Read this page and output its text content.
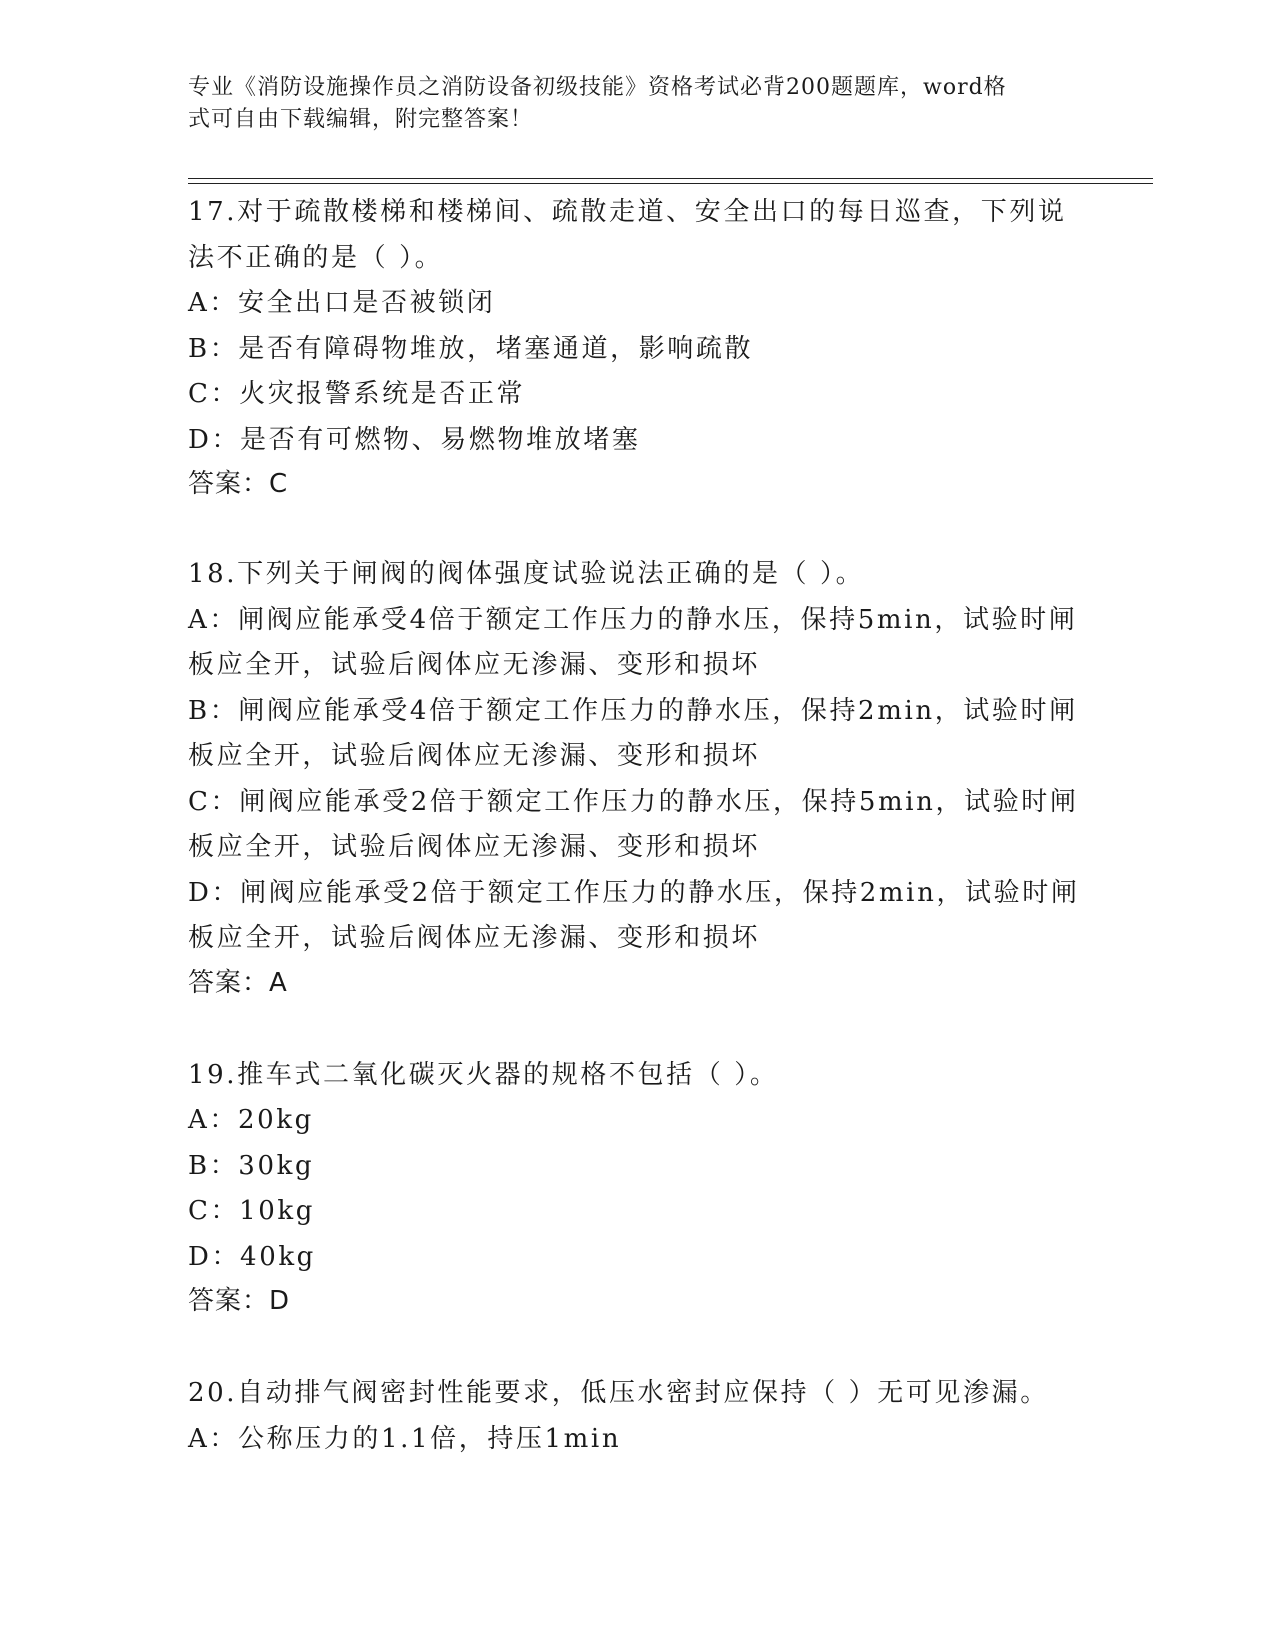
专业《消防设施操作员之消防设备初级技能》资格考试必背200题题库，word格
式可自由下载编辑，附完整答案！

17.对于疏散楼梯和楼梯间、疏散走道、安全出口的每日巡查，下列说

法不正确的是（ ）。

A：安全出口是否被锁闭

B：是否有障碍物堆放，堵塞通道，影响疏散

C：火灾报警系统是否正常

D：是否有可燃物、易燃物堆放堵塞

答案：C

18.下列关于闸阀的阀体强度试验说法正确的是（ ）。

A：闸阀应能承受4倍于额定工作压力的静水压，保持5min，试验时闸

板应全开，试验后阀体应无渗漏、变形和损坏

B：闸阀应能承受4倍于额定工作压力的静水压，保持2min，试验时闸

板应全开，试验后阀体应无渗漏、变形和损坏

C：闸阀应能承受2倍于额定工作压力的静水压，保持5min，试验时闸

板应全开，试验后阀体应无渗漏、变形和损坏

D：闸阀应能承受2倍于额定工作压力的静水压，保持2min，试验时闸

板应全开，试验后阀体应无渗漏、变形和损坏

答案：A

19.推车式二氧化碳灭火器的规格不包括（ ）。

A：20kg

B：30kg

C：10kg

D：40kg

答案：D

20.自动排气阀密封性能要求，低压水密封应保持（ ）无可见渗漏。

A：公称压力的1.1倍，持压1min
